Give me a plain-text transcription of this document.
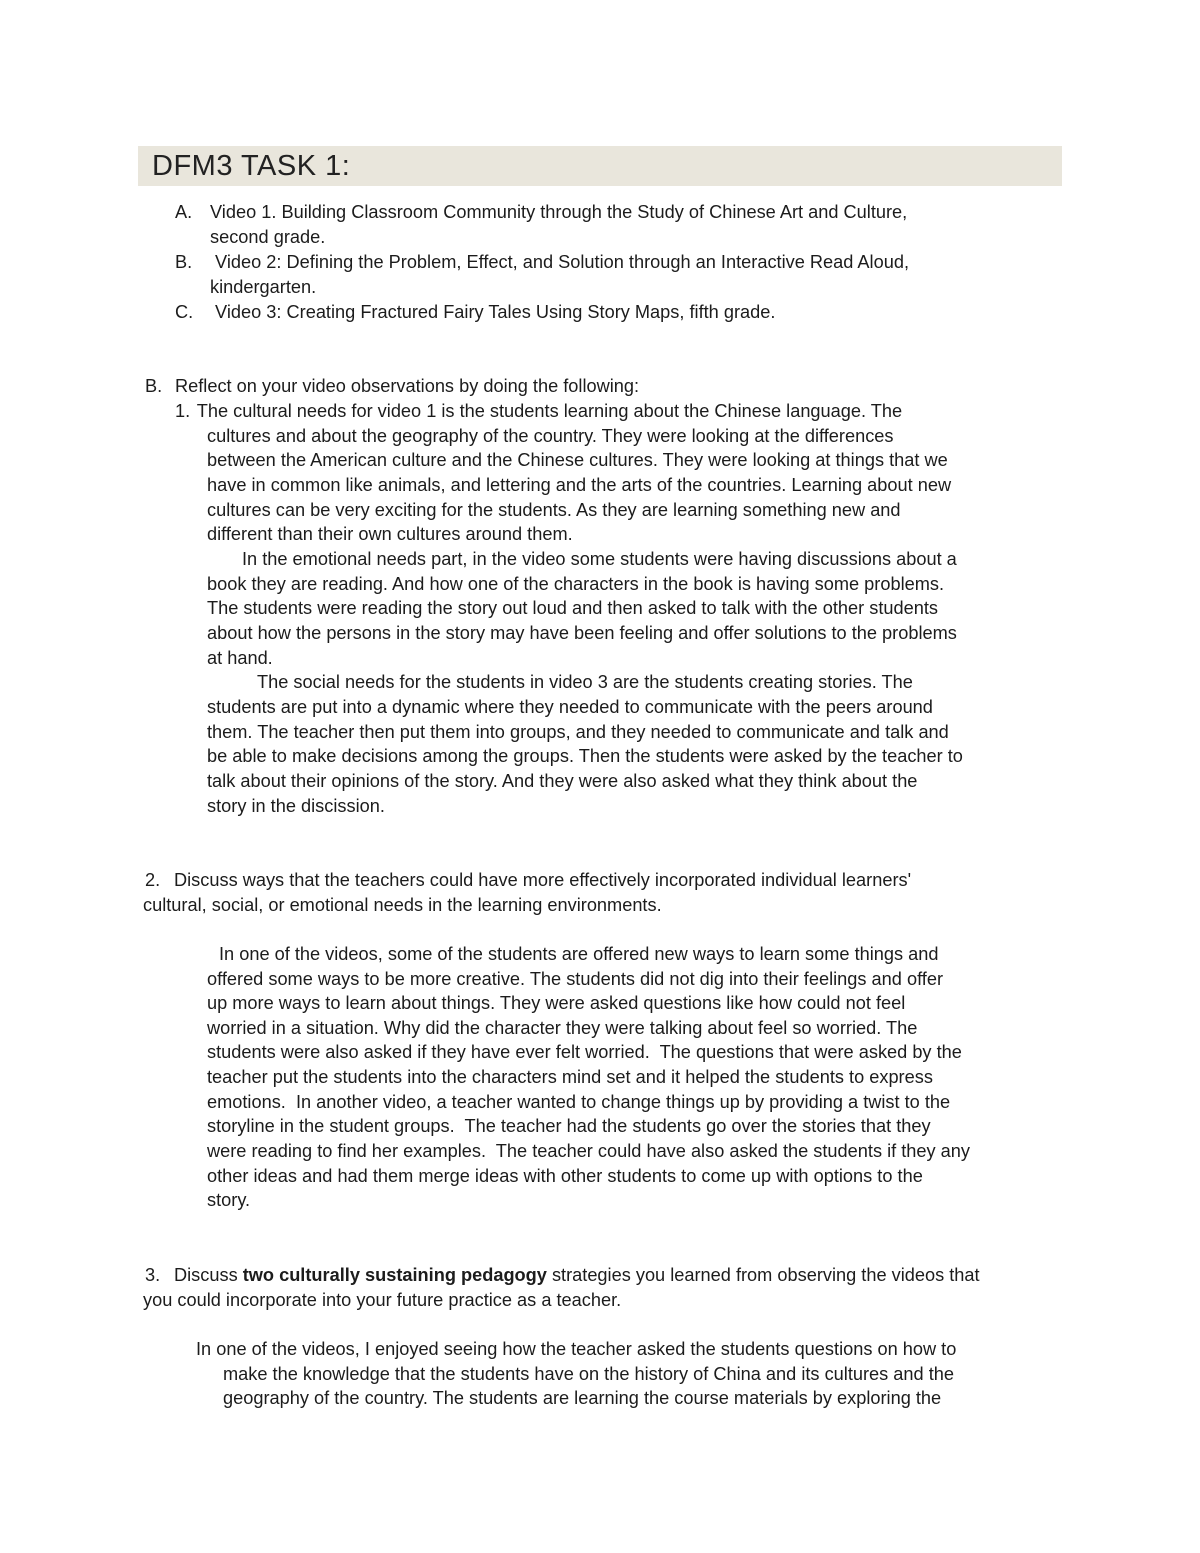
DFM3 TASK 1:
A. Video 1. Building Classroom Community through the Study of Chinese Art and Culture,
second grade.
B. Video 2: Defining the Problem, Effect, and Solution through an Interactive Read Aloud,
kindergarten.
C. Video 3: Creating Fractured Fairy Tales Using Story Maps, fifth grade.
B. Reflect on your video observations by doing the following:
1. The cultural needs for video 1 is the students learning about the Chinese language. The
cultures and about the geography of the country. They were looking at the differences
between the American culture and the Chinese cultures. They were looking at things that we
have in common like animals, and lettering and the arts of the countries. Learning about new
cultures can be very exciting for the students. As they are learning something new and
different than their own cultures around them.
In the emotional needs part, in the video some students were having discussions about a
book they are reading. And how one of the characters in the book is having some problems.
The students were reading the story out loud and then asked to talk with the other students
about how the persons in the story may have been feeling and offer solutions to the problems
at hand.
The social needs for the students in video 3 are the students creating stories. The
students are put into a dynamic where they needed to communicate with the peers around
them. The teacher then put them into groups, and they needed to communicate and talk and
be able to make decisions among the groups. Then the students were asked by the teacher to
talk about their opinions of the story. And they were also asked what they think about the
story in the discission.
2. Discuss ways that the teachers could have more effectively incorporated individual learners'
cultural, social, or emotional needs in the learning environments.
In one of the videos, some of the students are offered new ways to learn some things and
offered some ways to be more creative. The students did not dig into their feelings and offer
up more ways to learn about things. They were asked questions like how could not feel
worried in a situation. Why did the character they were talking about feel so worried. The
students were also asked if they have ever felt worried.  The questions that were asked by the
teacher put the students into the characters mind set and it helped the students to express
emotions.  In another video, a teacher wanted to change things up by providing a twist to the
storyline in the student groups.  The teacher had the students go over the stories that they
were reading to find her examples.  The teacher could have also asked the students if they any
other ideas and had them merge ideas with other students to come up with options to the
story.
3. Discuss two culturally sustaining pedagogy strategies you learned from observing the videos that
you could incorporate into your future practice as a teacher.
In one of the videos, I enjoyed seeing how the teacher asked the students questions on how to
make the knowledge that the students have on the history of China and its cultures and the
geography of the country. The students are learning the course materials by exploring the
